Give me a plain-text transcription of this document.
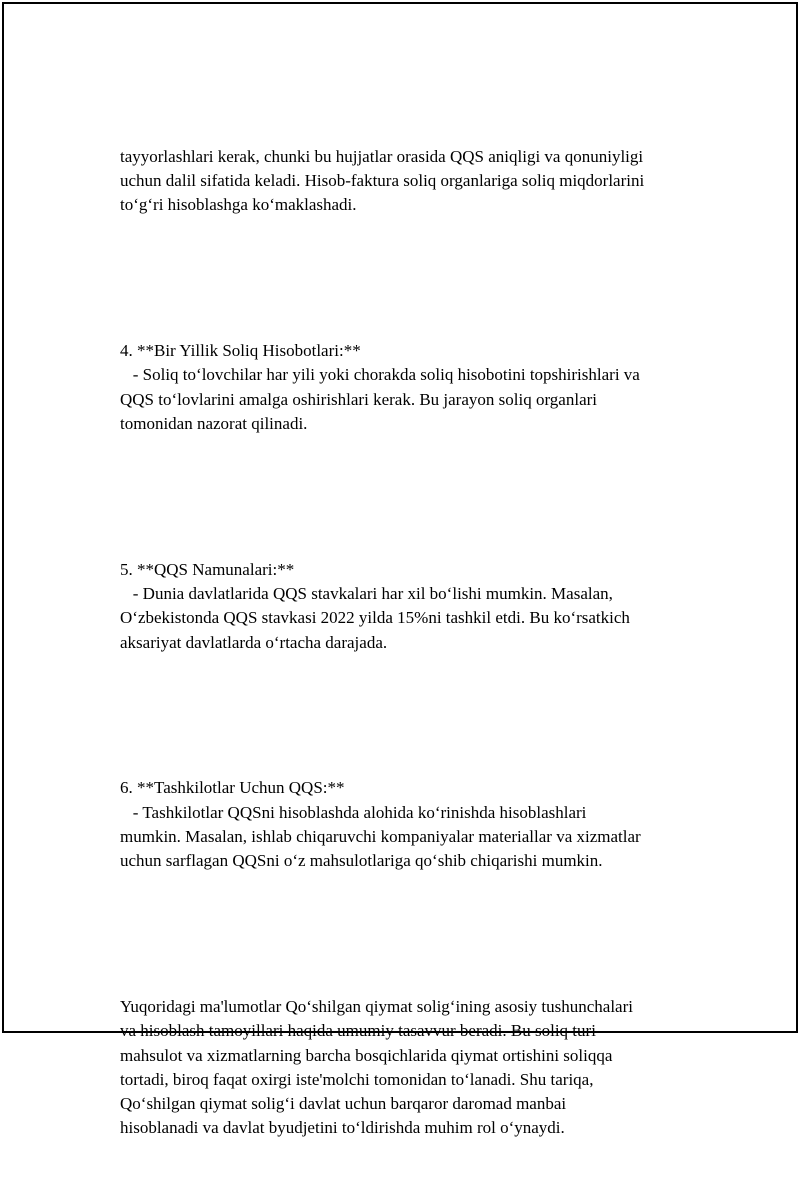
tayyorlashlari kerak, chunki bu hujjatlar orasida QQS aniqligi va qonuniyligi
uchun dalil sifatida keladi. Hisob-faktura soliq organlariga soliq miqdorlarini
to‘g‘ri hisoblashga ko‘maklashadi.

4. **Bir Yillik Soliq Hisobotlari:**
- Soliq to‘lovchilar har yili yoki chorakda soliq hisobotini topshirishlari va
QQS to‘lovlarini amalga oshirishlari kerak. Bu jarayon soliq organlari
tomonidan nazorat qilinadi.

5. **QQS Namunalari:**
- Dunia davlatlarida QQS stavkalari har xil bo‘lishi mumkin. Masalan,
O‘zbekistonda QQS stavkasi 2022 yilda 15%ni tashkil etdi. Bu ko‘rsatkich
aksariyat davlatlarda o‘rtacha darajada.

6. **Tashkilotlar Uchun QQS:**
- Tashkilotlar QQSni hisoblashda alohida ko‘rinishda hisoblashlari
mumkin. Masalan, ishlab chiqaruvchi kompaniyalar materiallar va xizmatlar
uchun sarflagan QQSni o‘z mahsulotlariga qo‘shib chiqarishi mumkin.

Yuqoridagi ma'lumotlar Qo‘shilgan qiymat solig‘ining asosiy tushunchalari
va hisoblash tamoyillari haqida umumiy tasavvur beradi. Bu soliq turi
mahsulot va xizmatlarning barcha bosqichlarida qiymat ortishini soliqqa
tortadi, biroq faqat oxirgi iste'molchi tomonidan to‘lanadi. Shu tariqa,
Qo‘shilgan qiymat solig‘i davlat uchun barqaror daromad manbai
hisoblanadi va davlat byudjetini to‘ldirishda muhim rol o‘ynaydi.
